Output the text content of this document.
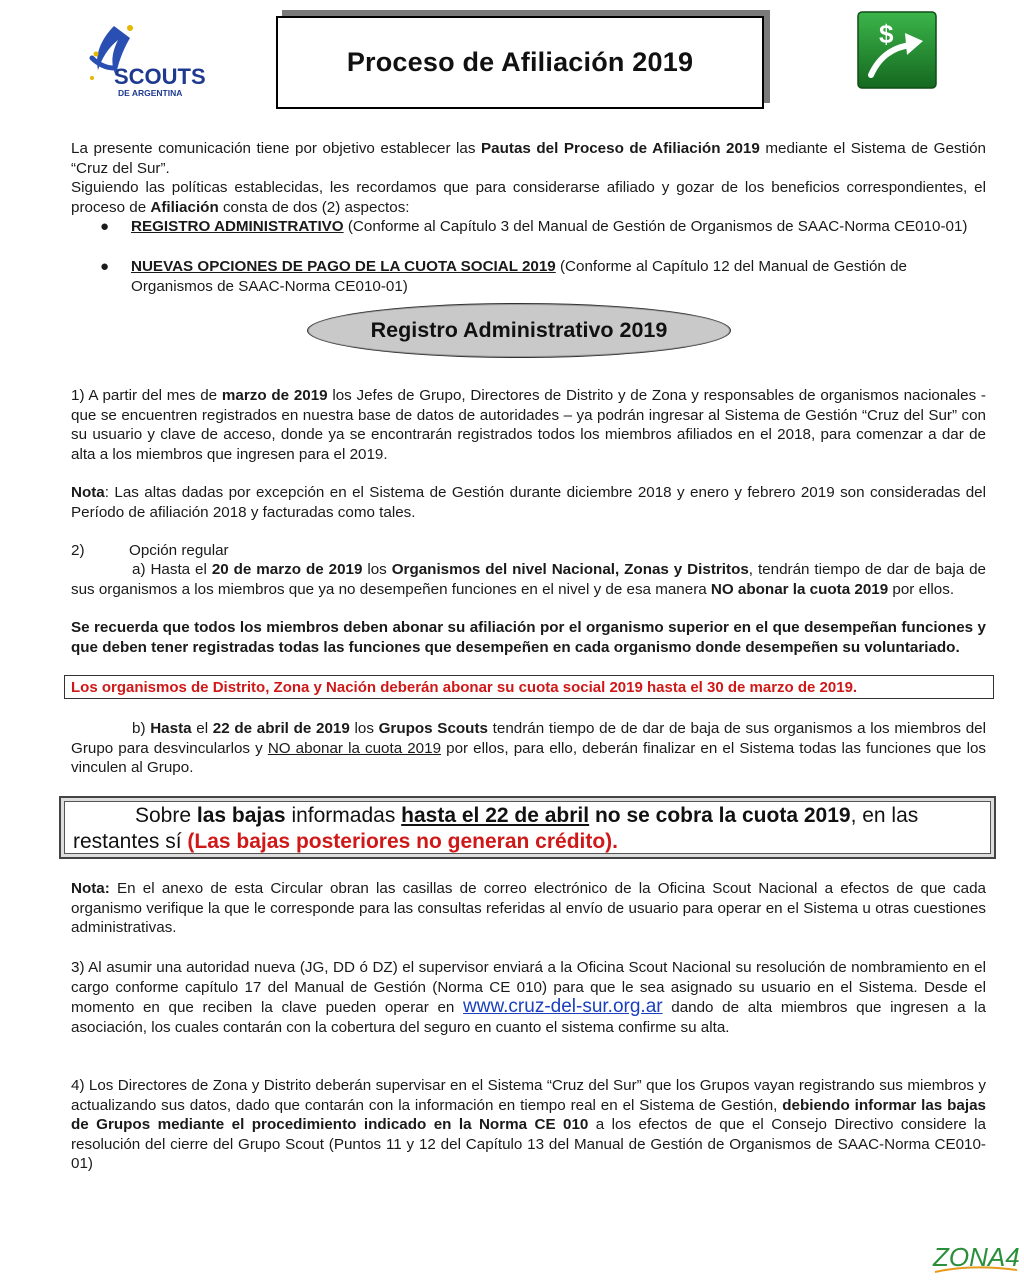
SCOUTS
DE ARGENTINA
Proceso de Afiliación 2019
$
La presente comunicación tiene por objetivo establecer las Pautas del Proceso de Afiliación 2019 mediante el Sistema de Gestión “Cruz del Sur”.
Siguiendo las políticas establecidas, les recordamos que para considerarse afiliado y gozar de los beneficios correspondientes, el proceso de Afiliación consta de dos (2) aspectos:
●	REGISTRO ADMINISTRATIVO (Conforme al Capítulo 3 del Manual de Gestión de Organismos de SAAC-Norma CE010-01)
●	NUEVAS OPCIONES DE PAGO DE LA CUOTA SOCIAL 2019 (Conforme al Capítulo 12 del Manual de Gestión de Organismos de SAAC-Norma CE010-01)
Registro Administrativo 2019
1) A partir del mes de marzo de 2019 los Jefes de Grupo, Directores de Distrito y de Zona y responsables de organismos nacionales -que se encuentren registrados en nuestra base de datos de autoridades – ya podrán ingresar al Sistema de Gestión “Cruz del Sur” con su usuario y clave de acceso, donde ya se encontrarán registrados todos los miembros afiliados en el 2018, para comenzar a dar de alta a los miembros que ingresen para el 2019.
Nota: Las altas dadas por excepción en el Sistema de Gestión durante diciembre 2018 y enero y febrero 2019 son consideradas del Período de afiliación 2018 y facturadas como tales.
2)	Opción regular
a) Hasta el 20 de marzo de 2019 los Organismos del nivel Nacional, Zonas y Distritos, tendrán tiempo de dar de baja de sus organismos a los miembros que ya no desempeñen funciones en el nivel y de esa manera NO abonar la cuota 2019 por ellos.
Se recuerda que todos los miembros deben abonar su afiliación por el organismo superior en el que desempeñan funciones y que deben tener registradas todas las funciones que desempeñen en cada organismo donde desempeñen su voluntariado.
Los organismos de Distrito, Zona y Nación deberán abonar su cuota social 2019 hasta el 30 de marzo de 2019.
b) Hasta el 22 de abril de 2019 los Grupos Scouts tendrán tiempo de de dar de baja de sus organismos a los miembros del Grupo para desvincularlos y NO abonar la cuota 2019 por ellos, para ello, deberán finalizar en el Sistema todas las funciones que los vinculen al Grupo.
Sobre las bajas informadas hasta el 22 de abril no se cobra la cuota 2019, en las restantes sí (Las bajas posteriores no generan crédito).
Nota: En el anexo de esta Circular obran las casillas de correo electrónico de la Oficina Scout Nacional a efectos de que cada organismo verifique la que le corresponde para las consultas referidas al envío de usuario para operar en el Sistema u otras cuestiones administrativas.
3) Al asumir una autoridad nueva (JG, DD ó DZ) el supervisor enviará a la Oficina Scout Nacional su resolución de nombramiento en el cargo conforme capítulo 17 del Manual de Gestión (Norma CE 010) para que le sea asignado su usuario en el Sistema. Desde el momento en que reciben la clave pueden operar en www.cruz-del-sur.org.ar dando de alta miembros que ingresen a la asociación, los cuales contarán con la cobertura del seguro en cuanto el sistema confirme su alta.
4) Los Directores de Zona y Distrito deberán supervisar en el Sistema “Cruz del Sur” que los Grupos vayan registrando sus miembros y actualizando sus datos, dado que contarán con la información en tiempo real en el Sistema de Gestión, debiendo informar las bajas de Grupos mediante el procedimiento indicado en la Norma CE 010 a los efectos de que el Consejo Directivo considere la resolución del cierre del Grupo Scout (Puntos 11 y 12 del Capítulo 13 del Manual de Gestión de Organismos de SAAC-Norma CE010-01)
ZONA4
